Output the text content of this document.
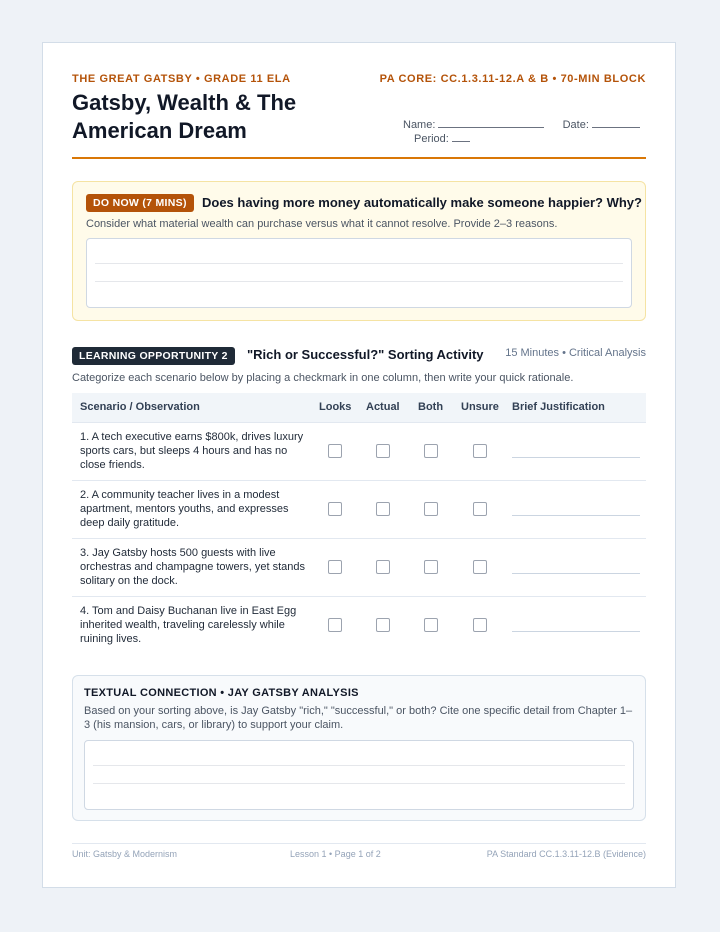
THE GREAT GATSBY • GRADE 11 ELA	PA CORE: CC.1.3.11-12.A & B • 70-MIN BLOCK
Gatsby, Wealth & The American Dream	Name:	Date:
Period:
DO NOW (7 MINS)	Does having more money automatically make someone happier? Why?
Consider what material wealth can purchase versus what it cannot resolve. Provide 2–3 reasons.
LEARNING OPPORTUNITY 2	"Rich or Successful?" Sorting Activity 15 Minutes • Critical Analysis
Categorize each scenario below by placing a checkmark in one column, then write your quick rationale.
Scenario / Observation	Looks Actual Both Unsure Brief Justification
1. A tech executive earns $800k, drives luxury sports cars, but sleeps 4 hours and has no close friends.
2. A community teacher lives in a modest apartment, mentors youths, and expresses deep daily gratitude.
3. Jay Gatsby hosts 500 guests with live orchestras and champagne towers, yet stands solitary on the dock.
4. Tom and Daisy Buchanan live in East Egg inherited wealth, traveling carelessly while ruining lives.
TEXTUAL CONNECTION • JAY GATSBY ANALYSIS
Based on your sorting above, is Jay Gatsby "rich," "successful," or both? Cite one specific detail from Chapter 1–3 (his mansion, cars, or library) to support your claim.
Unit: Gatsby & Modernism	Lesson 1 • Page 1 of 2	PA Standard CC.1.3.11-12.B (Evidence)
